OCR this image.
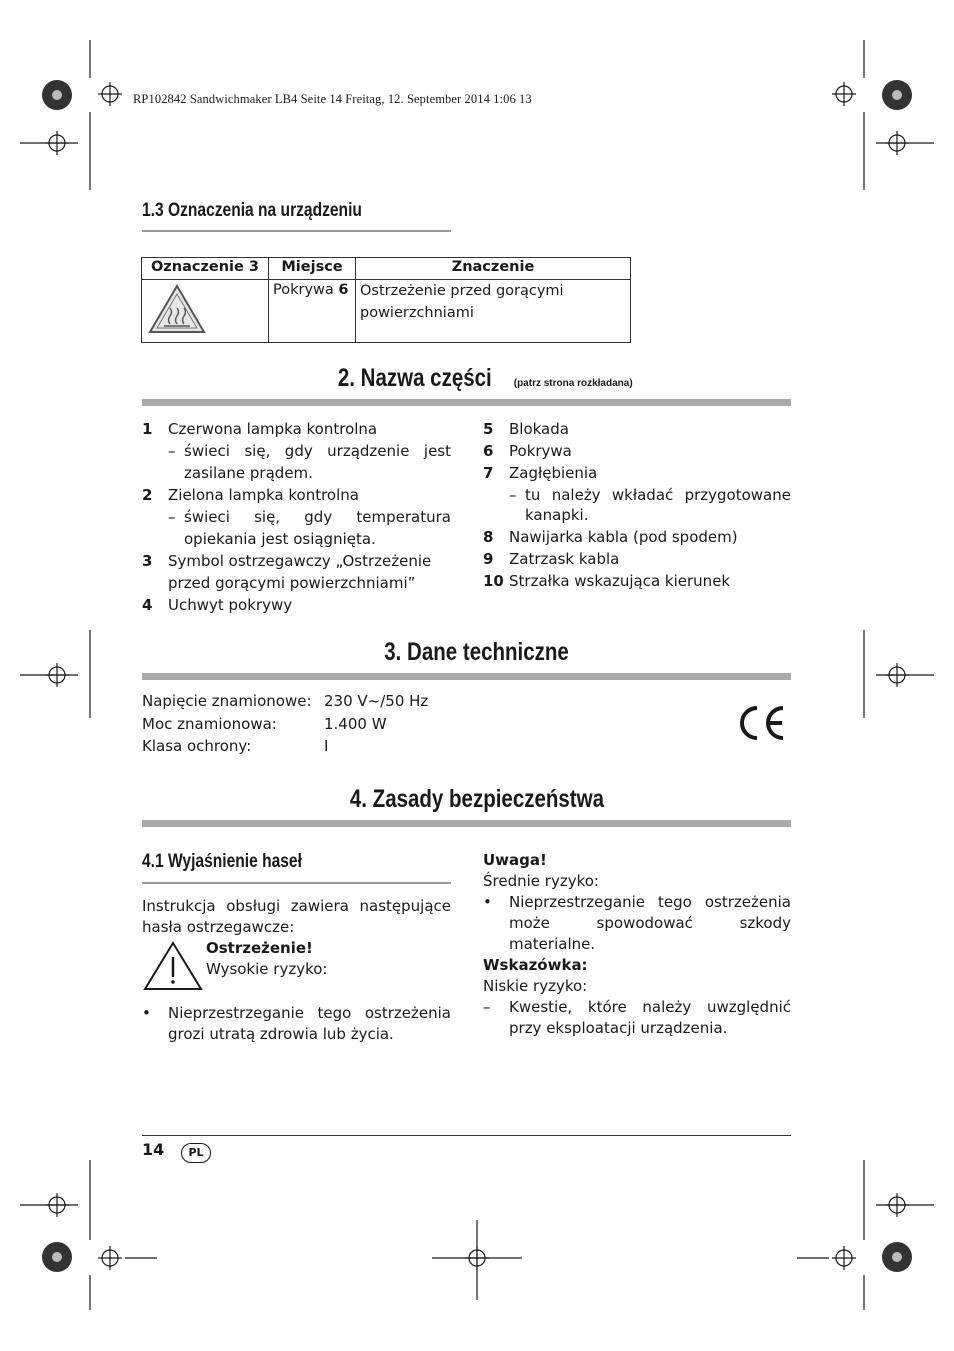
RP102842 Sandwichmaker LB4 Seite 14 Freitag, 12. September 2014 1:06 13
1.3 Oznaczenia na urządzeniu
Oznaczenie 3	Miejsce	Znaczenie
	Pokrywa 6	Ostrzeżenie przed gorącymi powierzchniami
2. Nazwa części (patrz strona rozkładana)
1	Czerwona lampka kontrolna
– świeci się, gdy urządzenie jest zasilane prądem.
2	Zielona lampka kontrolna
– świeci się, gdy temperatura opiekania jest osiągnięta.
3	Symbol ostrzegawczy „Ostrzeżenie przed gorącymi powierzchniami”
4	Uchwyt pokrywy
5	Blokada
6	Pokrywa
7	Zagłębienia
– tu należy wkładać przygotowane kanapki.
8	Nawijarka kabla (pod spodem)
9	Zatrzask kabla
10 Strzałka wskazująca kierunek
3. Dane techniczne
Napięcie znamionowe: 230 V~/50 Hz
Moc znamionowa:	1.400 W
Klasa ochrony:	I
4. Zasady bezpieczeństwa
4.1 Wyjaśnienie haseł
Instrukcja obsługi zawiera następujące hasła ostrzegawcze:
Ostrzeżenie!
Wysokie ryzyko:
•	Nieprzestrzeganie tego ostrzeżenia grozi utratą zdrowia lub życia.
Uwaga!
Średnie ryzyko:
•	Nieprzestrzeganie tego ostrzeżenia może spowodować szkody materialne.
Wskazówka:
Niskie ryzyko:
–	Kwestie, które należy uwzględnić przy eksploatacji urządzenia.
14	PL
